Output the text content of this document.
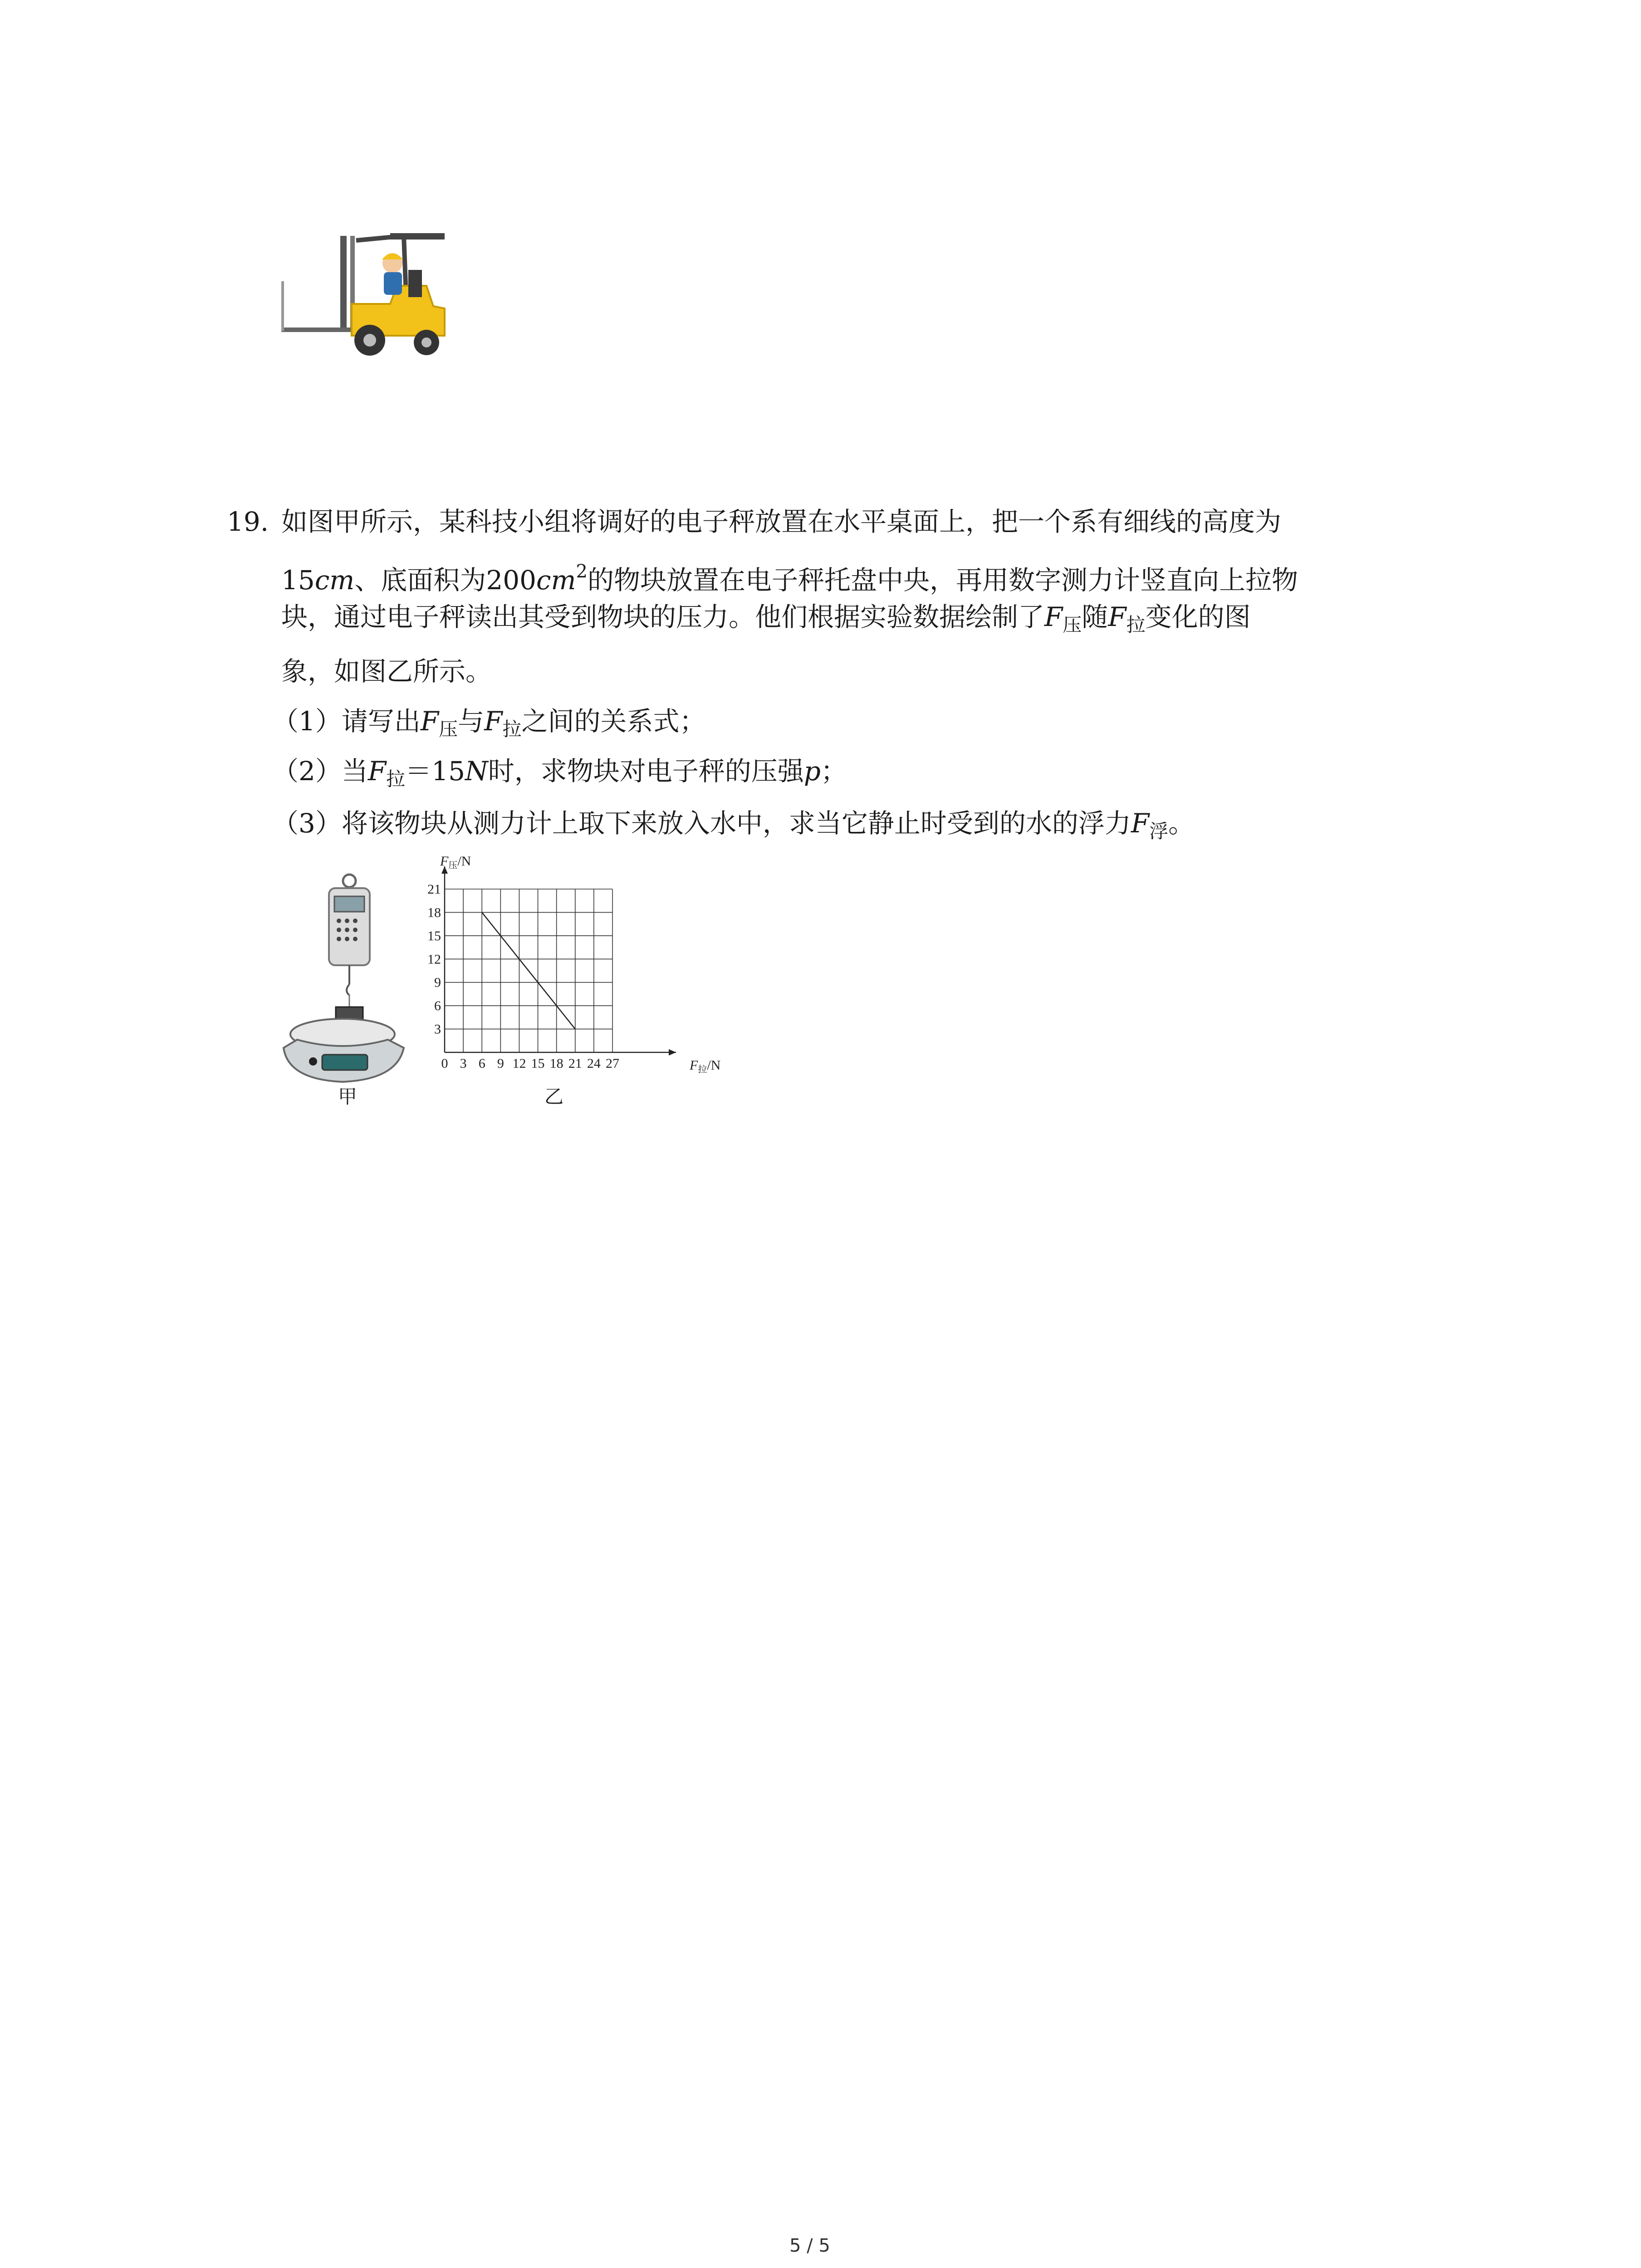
19. 如图甲所示，某科技小组将调好的电子秤放置在水平桌面上，把一个系有细线的高度为
15cm、底面积为$200cm^2$的物块放置在电子秤托盘中央，再用数字测力计竖直向上拉物
块，通过电子秤读出其受到物块的压力。他们根据实验数据绘制了$F_压$随$F_拉$变化的图
象，如图乙所示。
（1）请写出$F_压$与$F_拉$之间的关系式；
（2）当$F_拉=15N$时，求物块对电子秤的压强p；
（3）将该物块从测力计上取下来放入水中，求当它静止时受到的水的浮力$F_浮$。
甲
0 3 6 9 12 15 18 21 24 27
3
6
9
12
15
18
21
$F_压/N$
$F_拉/N$
乙
5 / 5
